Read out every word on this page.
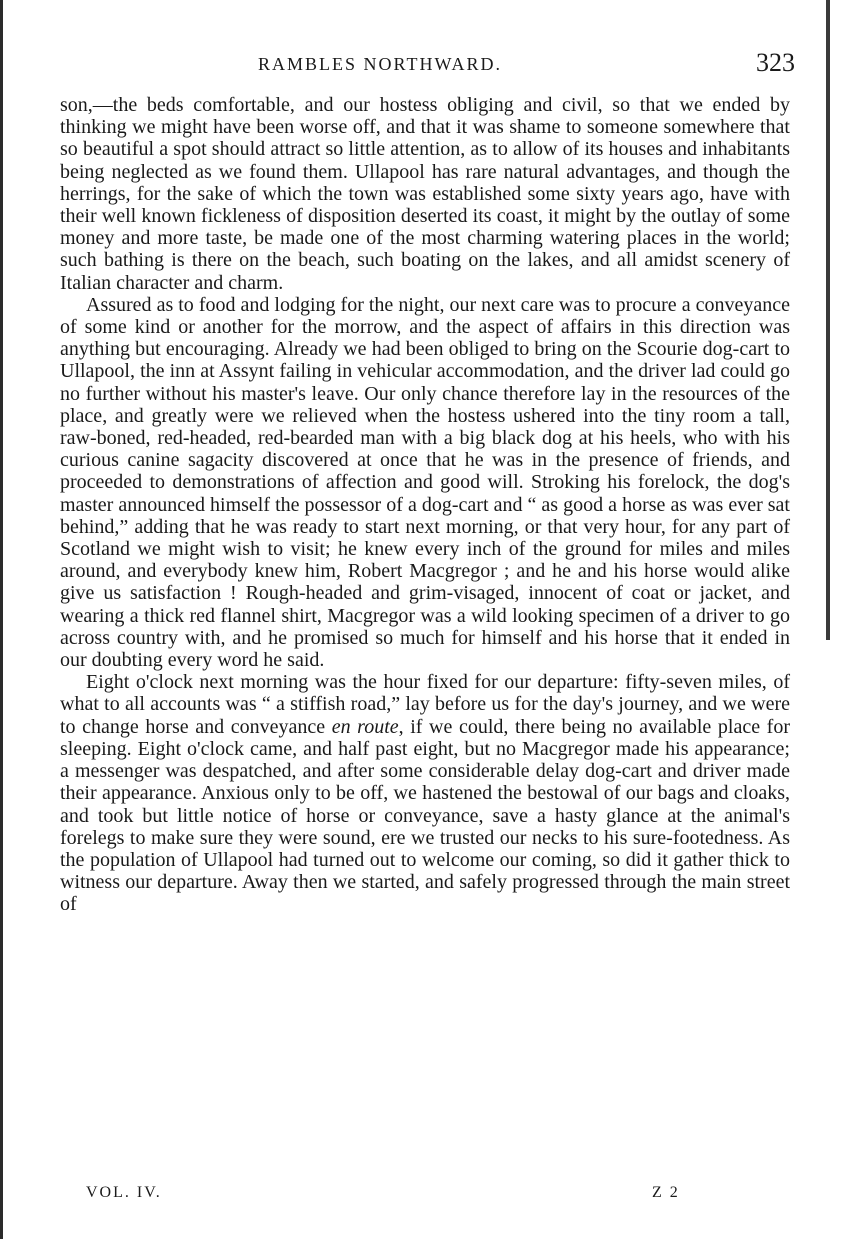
RAMBLES NORTHWARD.	323

son,—the beds comfortable, and our hostess obliging and civil, so that we ended by thinking we might have been worse off, and that it was shame to someone somewhere that so beautiful a spot should attract so little attention, as to allow of its houses and inhabitants being neglected as we found them. Ullapool has rare natural advantages, and though the herrings, for the sake of which the town was established some sixty years ago, have with their well known fickleness of disposition deserted its coast, it might by the outlay of some money and more taste, be made one of the most charming watering places in the world; such bathing is there on the beach, such boating on the lakes, and all amidst scenery of Italian character and charm.

Assured as to food and lodging for the night, our next care was to procure a conveyance of some kind or another for the morrow, and the aspect of affairs in this direction was anything but encouraging. Already we had been obliged to bring on the Scourie dog-cart to Ullapool, the inn at Assynt failing in vehicular accommodation, and the driver lad could go no further without his master's leave. Our only chance therefore lay in the resources of the place, and greatly were we relieved when the hostess ushered into the tiny room a tall, raw-boned, red-headed, red-bearded man with a big black dog at his heels, who with his curious canine sagacity discovered at once that he was in the presence of friends, and proceeded to demonstrations of affection and good will. Stroking his forelock, the dog's master announced himself the possessor of a dog-cart and “ as good a horse as was ever sat behind,” adding that he was ready to start next morning, or that very hour, for any part of Scotland we might wish to visit; he knew every inch of the ground for miles and miles around, and everybody knew him, Robert Macgregor ; and he and his horse would alike give us satisfaction ! Rough-headed and grim-visaged, innocent of coat or jacket, and wearing a thick red flannel shirt, Macgregor was a wild looking specimen of a driver to go across country with, and he promised so much for himself and his horse that it ended in our doubting every word he said.

Eight o'clock next morning was the hour fixed for our departure: fifty-seven miles, of what to all accounts was “ a stiffish road,” lay before us for the day's journey, and we were to change horse and conveyance en route, if we could, there being no available place for sleeping. Eight o'clock came, and half past eight, but no Macgregor made his appearance; a messenger was despatched, and after some considerable delay dog-cart and driver made their appearance. Anxious only to be off, we hastened the bestowal of our bags and cloaks, and took but little notice of horse or conveyance, save a hasty glance at the animal's forelegs to make sure they were sound, ere we trusted our necks to his sure-footedness. As the population of Ullapool had turned out to welcome our coming, so did it gather thick to witness our departure. Away then we started, and safely progressed through the main street of

VOL. IV.	Z 2
